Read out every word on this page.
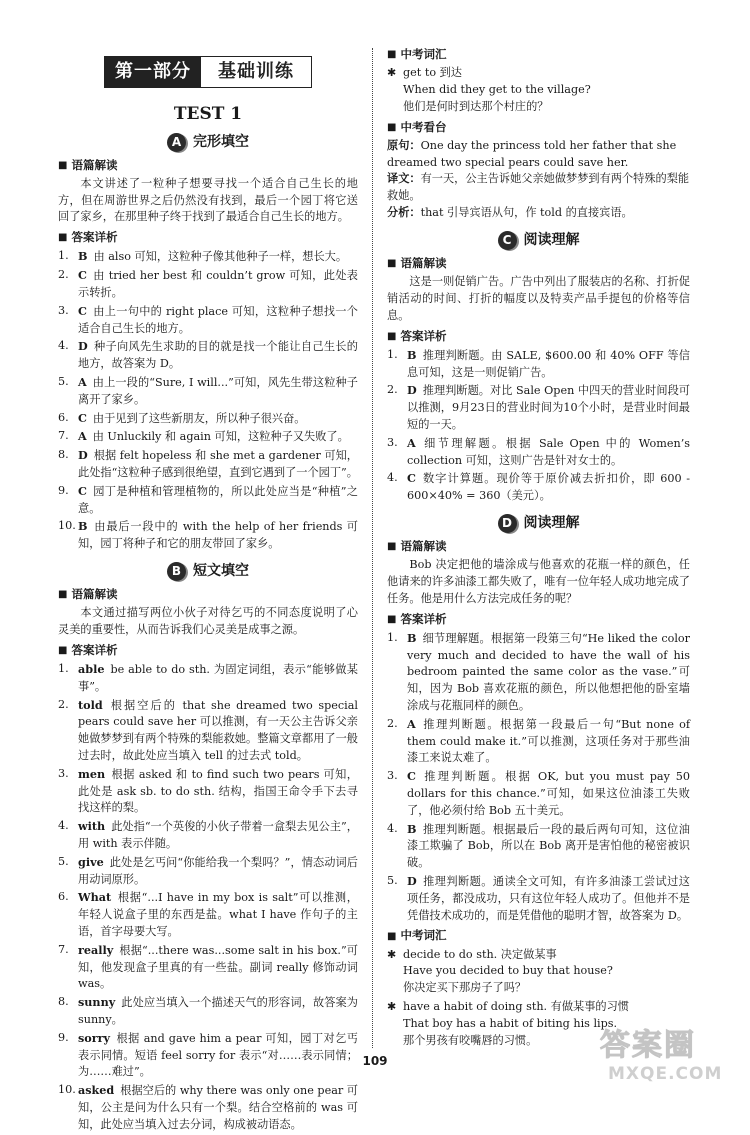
第一部分	基础训练
TEST 1
A 完形填空
■ 语篇解读

本文讲述了一粒种子想要寻找一个适合自己生长的地方，但在周游世界之后仍然没有找到，最后一个园丁将它送回了家乡，在那里种子终于找到了最适合自己生长的地方。

■ 答案详析
1. B 由 also 可知，这粒种子像其他种子一样，想长大。
2. C 由 tried her best 和 couldn’t grow 可知，此处表示转折。
3. C 由上一句中的 right place 可知，这粒种子想找一个适合自己生长的地方。
4. D 种子向风先生求助的目的就是找一个能让自己生长的地方，故答案为 D。
5. A 由上一段的“Sure, I will...”可知，风先生带这粒种子离开了家乡。
6. C 由于见到了这些新朋友，所以种子很兴奋。
7. A 由 Unluckily 和 again 可知，这粒种子又失败了。
8. D 根据 felt hopeless 和 she met a gardener 可知，此处指“这粒种子感到很绝望，直到它遇到了一个园丁”。
9. C 园丁是种植和管理植物的，所以此处应当是“种植”之意。
10. B 由最后一段中的 with the help of her friends 可知，园丁将种子和它的朋友带回了家乡。
B 短文填空
■ 语篇解读

本文通过描写两位小伙子对待乞丐的不同态度说明了心灵美的重要性，从而告诉我们心灵美是成事之源。

■ 答案详析
1. able be able to do sth. 为固定词组，表示“能够做某事”。
2. told 根据空后的 that she dreamed two special pears could save her 可以推测，有一天公主告诉父亲她做梦梦到有两个特殊的梨能救她。整篇文章都用了一般过去时，故此处应当填入 tell 的过去式 told。
3. men 根据 asked 和 to find such two pears 可知，此处是 ask sb. to do sth. 结构，指国王命令手下去寻找这样的梨。
4. with 此处指“一个英俊的小伙子带着一盒梨去见公主”，用 with 表示伴随。
5. give 此处是乞丐问“你能给我一个梨吗？”，情态动词后用动词原形。
6. What 根据“...I have in my box is salt”可以推测，年轻人说盒子里的东西是盐。what I have 作句子的主语，首字母要大写。
7. really 根据“...there was...some salt in his box.”可知，他发现盒子里真的有一些盐。副词 really 修饰动词 was。
8. sunny 此处应当填入一个描述天气的形容词，故答案为 sunny。
9. sorry 根据 and gave him a pear 可知，园丁对乞丐表示同情。短语 feel sorry for 表示“对……表示同情；为……难过”。
10. asked 根据空后的 why there was only one pear 可知，公主是问为什么只有一个梨。结合空格前的 was 可知，此处应当填入过去分词，构成被动语态。
■ 中考词汇
✱ get to 到达
When did they get to the village?
他们是何时到达那个村庄的？
■ 中考看台

原句：One day the princess told her father that she dreamed two special pears could save her.

译文：有一天，公主告诉她父亲她做梦梦到有两个特殊的梨能救她。

分析：that 引导宾语从句，作 told 的直接宾语。

C 阅读理解
■ 语篇解读

这是一则促销广告。广告中列出了服装店的名称、打折促销活动的时间、打折的幅度以及特卖产品手提包的价格等信息。

■ 答案详析
1. B 推理判断题。由 SALE, $600.00 和 40% OFF 等信息可知，这是一则促销广告。
2. D 推理判断题。对比 Sale Open 中四天的营业时间段可以推测，9月23日的营业时间为10个小时，是营业时间最短的一天。
3. A 细节理解题。根据 Sale Open 中的 Women’s collection 可知，这则广告是针对女士的。
4. C 数字计算题。现价等于原价减去折扣价，即 600 - 600×40% = 360（美元）。
D 阅读理解
■ 语篇解读

Bob 决定把他的墙涂成与他喜欢的花瓶一样的颜色，任他请来的许多油漆工都失败了，唯有一位年轻人成功地完成了任务。他是用什么方法完成任务的呢？

■ 答案详析
1. B 细节理解题。根据第一段第三句“He liked the color very much and decided to have the wall of his bedroom painted the same color as the vase.”可知，因为 Bob 喜欢花瓶的颜色，所以他想把他的卧室墙涂成与花瓶同样的颜色。
2. A 推理判断题。根据第一段最后一句“But none of them could make it.”可以推测，这项任务对于那些油漆工来说太难了。
3. C 推理判断题。根据 OK, but you must pay 50 dollars for this chance.”可知，如果这位油漆工失败了，他必须付给 Bob 五十美元。
4. B 推理判断题。根据最后一段的最后两句可知，这位油漆工欺骗了 Bob，所以在 Bob 离开是害怕他的秘密被识破。
5. D 推理判断题。通读全文可知，有许多油漆工尝试过这项任务，都没成功，只有这位年轻人成功了。但他并不是凭借技术成功的，而是凭借他的聪明才智，故答案为 D。
■ 中考词汇
✱ decide to do sth. 决定做某事
Have you decided to buy that house?
你决定买下那房子了吗？
✱ have a habit of doing sth. 有做某事的习惯
That boy has a habit of biting his lips.
那个男孩有咬嘴唇的习惯。
109	答案圈
MXQE.COM
